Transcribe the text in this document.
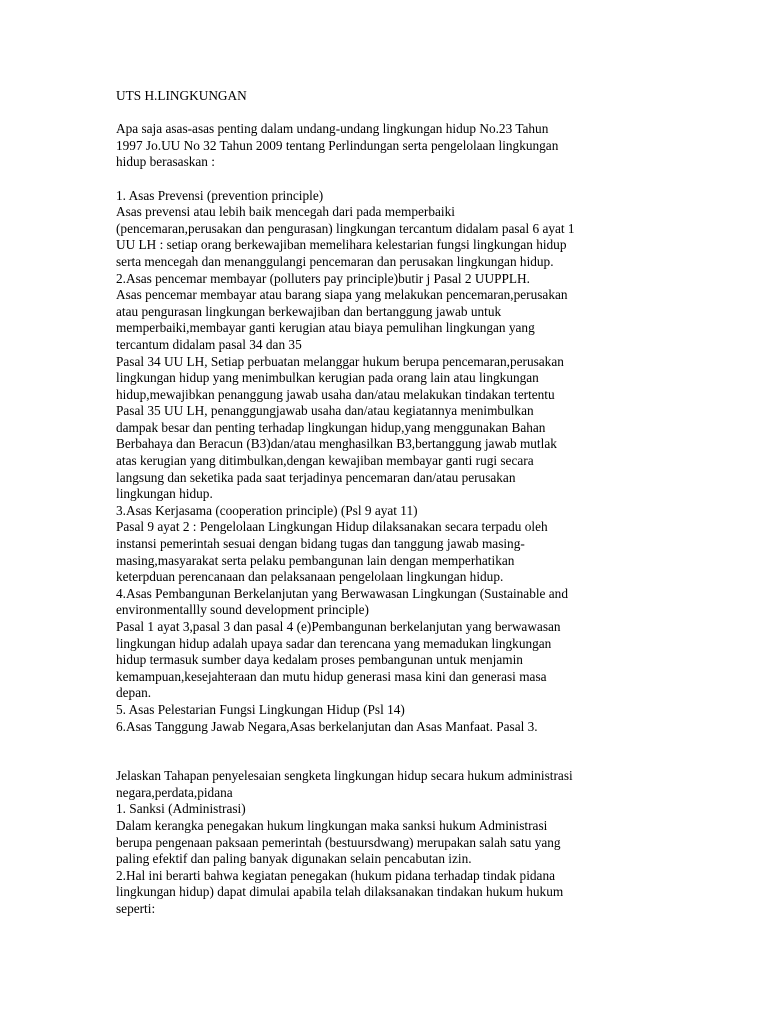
UTS H.LINGKUNGAN
Apa saja asas-asas penting dalam undang-undang lingkungan hidup No.23 Tahun
1997 Jo.UU No 32 Tahun 2009 tentang Perlindungan serta pengelolaan lingkungan
hidup berasaskan :
1. Asas Prevensi (prevention principle)
Asas prevensi atau lebih baik mencegah dari pada memperbaiki
(pencemaran,perusakan dan pengurasan) lingkungan tercantum didalam pasal 6 ayat 1
UU LH : setiap orang berkewajiban memelihara kelestarian fungsi lingkungan hidup
serta mencegah dan menanggulangi pencemaran dan perusakan lingkungan hidup.
2.Asas pencemar membayar (polluters pay principle)butir j Pasal 2 UUPPLH.
Asas pencemar membayar atau barang siapa yang melakukan pencemaran,perusakan
atau pengurasan lingkungan berkewajiban dan bertanggung jawab untuk
memperbaiki,membayar ganti kerugian atau biaya pemulihan lingkungan yang
tercantum didalam pasal 34 dan 35
Pasal 34 UU LH, Setiap perbuatan melanggar hukum berupa pencemaran,perusakan
lingkungan hidup yang menimbulkan kerugian pada orang lain atau lingkungan
hidup,mewajibkan penanggung jawab usaha dan/atau melakukan tindakan tertentu
Pasal 35 UU LH, penanggungjawab usaha dan/atau kegiatannya menimbulkan
dampak besar dan penting terhadap lingkungan hidup,yang menggunakan Bahan
Berbahaya dan Beracun (B3)dan/atau menghasilkan B3,bertanggung jawab mutlak
atas kerugian yang ditimbulkan,dengan kewajiban membayar ganti rugi secara
langsung dan seketika pada saat terjadinya pencemaran dan/atau perusakan
lingkungan hidup.
3.Asas Kerjasama (cooperation principle) (Psl 9 ayat 11)
Pasal 9 ayat 2 : Pengelolaan Lingkungan Hidup dilaksanakan secara terpadu oleh
instansi pemerintah sesuai dengan bidang tugas dan tanggung jawab masing-
masing,masyarakat serta pelaku pembangunan lain dengan memperhatikan
keterpduan perencanaan dan pelaksanaan pengelolaan lingkungan hidup.
4.Asas Pembangunan Berkelanjutan yang Berwawasan Lingkungan (Sustainable and
environmentallly sound development principle)
Pasal 1 ayat 3,pasal 3 dan pasal 4 (e)Pembangunan berkelanjutan yang berwawasan
lingkungan hidup adalah upaya sadar dan terencana yang memadukan lingkungan
hidup termasuk sumber daya kedalam proses pembangunan untuk menjamin
kemampuan,kesejahteraan dan mutu hidup generasi masa kini dan generasi masa
depan.
5. Asas Pelestarian Fungsi Lingkungan Hidup (Psl 14)
6.Asas Tanggung Jawab Negara,Asas berkelanjutan dan Asas Manfaat. Pasal 3.
Jelaskan Tahapan penyelesaian sengketa lingkungan hidup secara hukum administrasi
negara,perdata,pidana
1. Sanksi (Administrasi)
Dalam kerangka penegakan hukum lingkungan maka sanksi hukum Administrasi
berupa pengenaan paksaan pemerintah (bestuursdwang) merupakan salah satu yang
paling efektif dan paling banyak digunakan selain pencabutan izin.
2.Hal ini berarti bahwa kegiatan penegakan (hukum pidana terhadap tindak pidana
lingkungan hidup) dapat dimulai apabila telah dilaksanakan tindakan hukum hukum
seperti:
